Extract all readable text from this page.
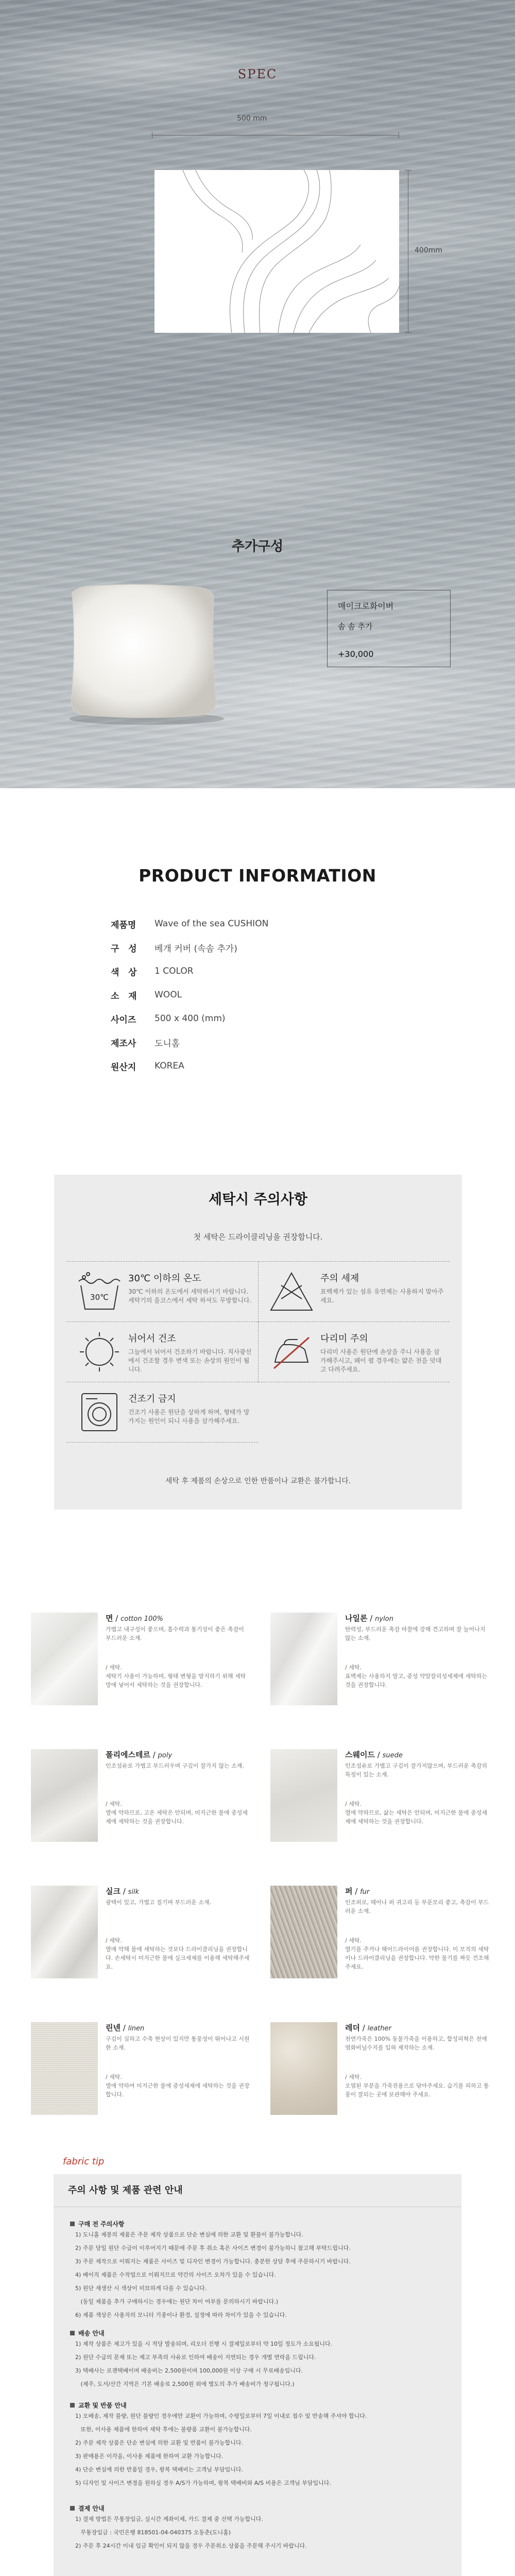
SPEC
500 mm
400mm
추가구성
매이크로화이버
솜 솜 추가
+30,000
PRODUCT INFORMATION
제품명	Wave of the sea CUSHION
구   성	베개 커버 (속솜 추가)
색   상	1 COLOR
소   재	WOOL
사이즈	500 x 400 (mm)
제조사	도니홈
원산지	KOREA
세탁시 주의사항
첫 세탁은 드라이클리닝을 권장합니다.
30℃
30℃ 이하의 온도
30℃ 이하의 온도에서 세탁하시기 바랍니다. 세탁기의 울코스에서 세탁 하셔도 무방합니다.
주의 세제
표백제가 있는 섬유 유연제는 사용하지 말아주세요.
뉘어서 건조
그늘에서 뉘어서 건조하기 바랍니다. 직사광선에서 건조할 경우 변색 또는 손상의 원인이 됩니다.
다리미 주의
다리미 사용은 원단에 손상을 주니 사용을 삼가해주시고, 왜이 펼 경우에는 얇은 천을 덧대고 다려주세요.
건조기 금지
건조기 사용은 원단을 상하게 하며, 형태가 망가지는 원인이 되니 사용을 삼가해주세요.
세탁 후 제품의 손상으로 인한 반품이나 교환은 불가합니다.
면 / cotton 100%
가볍고 내구성이 좋으며, 흡수력과 통기성이 좋은 촉감이 부드러운 소재.
/ 세탁.
세탁기 사용이 가능하며, 형태 변형을 방지하기 위해 세탁망에 넣어서 세탁하는 것을 권장합니다.
나일론 / nylon
탄력성, 부드러운 촉감 마찰에 강해 견고하며 잘 늘어나지 않는 소재.
/ 세탁.
표백제는 사용하지 말고, 중성 약알칼리성세제에 세탁하는 것을 권장합니다.
폴리에스테르 / poly
인조섬유로 가볍고 부드러우며 구김이 잘가지 않는 소재.
/ 세탁.
열에 약하므로, 고온 세탁은 안되며, 미지근한 물에 중성세제에 세탁하는 것을 권장합니다.
스웨이드 / suede
인조섬유로 가볍고 구김이 잘가지않으며, 부드러운 촉감의 특징이 있는 소재.
/ 세탁.
열에 약하므로, 삶는 세탁은 안되며, 미지근한 물에 중성세제에 세탁하는 것을 권장합니다.
실크 / silk
광택이 있고, 가볍고 질기며 부드러운 소재.
/ 세탁.
열에 약해 물에 세탁하는 것보다 드라이클리닝을 권장합니다. 손세탁시 미지근한 물에 실크세제를 이용해 세탁해주세요.
퍼 / fur
인조퍼로, 헤어나 퍼 귀고리 등 부푼모리 좋고, 촉감이 부드러운 소재.
/ 세탁.
열기를 주거나 헤어드라이어를 권장합니다. 이 모직의 세탁이나 드라이클리닝을 권장합니다. 약한 물기를 짜듯 건조해주세요.
린넨 / linen
구김이 심하고 수축 현상이 있지만 통풍성이 뛰어나고 시원한 소재.
/ 세탁.
열에 약하여 미지근한 물에 중성세제에 세탁하는 것을 권장합니다.
레더 / leather
천연가죽은 100% 동물가죽을 이용하고, 합성피혁은 천에 염화비닐수지를 입혀 제작하는 소재.
/ 세탁.
오염된 부분을 가죽전용으로 닦아주세요. 습기를 피하고 통풍이 잘되는 곳에 보관해야 주세요.
fabric tip
주의 사항 및 제품 관련 안내
구매 전 주의사항
1) 도니홈 제봉의 제품은 주문 제작 상품으로 단순 변심에 의한 교환 및 환불이 불가능합니다.
2) 주문 당일 원단 수급이 이루어지기 때문에 주문 후 취소 혹은 사이즈 변경이 불가능하니 참고해 부탁드립니다.
3) 주문 제작으로 이뤄지는 제품은 사이즈 및 디자인 변경이 가능합니다. 충분한 상담 후에 주문하시기 바랍니다.
4) 베이직 제품은 수작업으로 이뤄지므로 약간의 사이즈 오차가 있을 수 있습니다.
5) 원단 재생산 시 색상이 미묘하게 다를 수 있습니다.
(동일 제품을 추가 구매하시는 경우에는 원단 차이 여부를 문의하시기 바랍니다.)
6) 제품 색상은 사용자의 모니터 기종이나 환경, 설정에 따라 차이가 있을 수 있습니다.
배송 안내
1) 제작 상품은 제고가 있을 시 적당 발송되며, 리오더 진행 시 결제일로부터 약 10일 정도가 소요됩니다.
2) 원단 수급의 문제 또는 제고 부족의 사유로 인하여 배송이 지연되는 경우 개별 연락을 드립니다.
3) 택배사는 로젠택배이며 배송비는 2,500원이며 100,000원 이상 구매 시 무료배송입니다.
(제주, 도서/산간 지역은 기본 배송료 2,500원 외에 별도의 추가 배송비가 청구됩니다.)
교환 및 반품 안내
1) 오배송, 제작 불량, 원단 불량인 경우에만 교환이 가능하며, 수령일로부터 7일 이내로 접수 및 반송해 주셔야 합니다.
또한, 이사용 제품에 한하여 세탁 후에는 불량품 교환이 불가능합니다.
2) 주문 제작 상품은 단순 변심에 의한 교환 및 반품이 불가능합니다.
3) 판매용은 이각을, 이사용 제품에 한하여 교환 가능합니다.
4) 단순 변심에 의한 반품일 경우, 왕복 택배비는 고객님 부담입니다.
5) 디자인 및 사이즈 변경을 원하실 경우 A/S가 가능하며, 왕복 택배비와 A/S 비용은 고객님 부담입니다.
결제 안내
1) 결제 방법은 무통장입금, 실시간 계좌이체, 카드 결제 중 선택 가능합니다.
무통장입금 : 국민은행 818501-04-040375 오동춘(도니홈)
2) 주문 후 24시간 이내 입금 확인이 되지 않을 경우 주문취소 상품을 주문해 주시기 바랍니다.
